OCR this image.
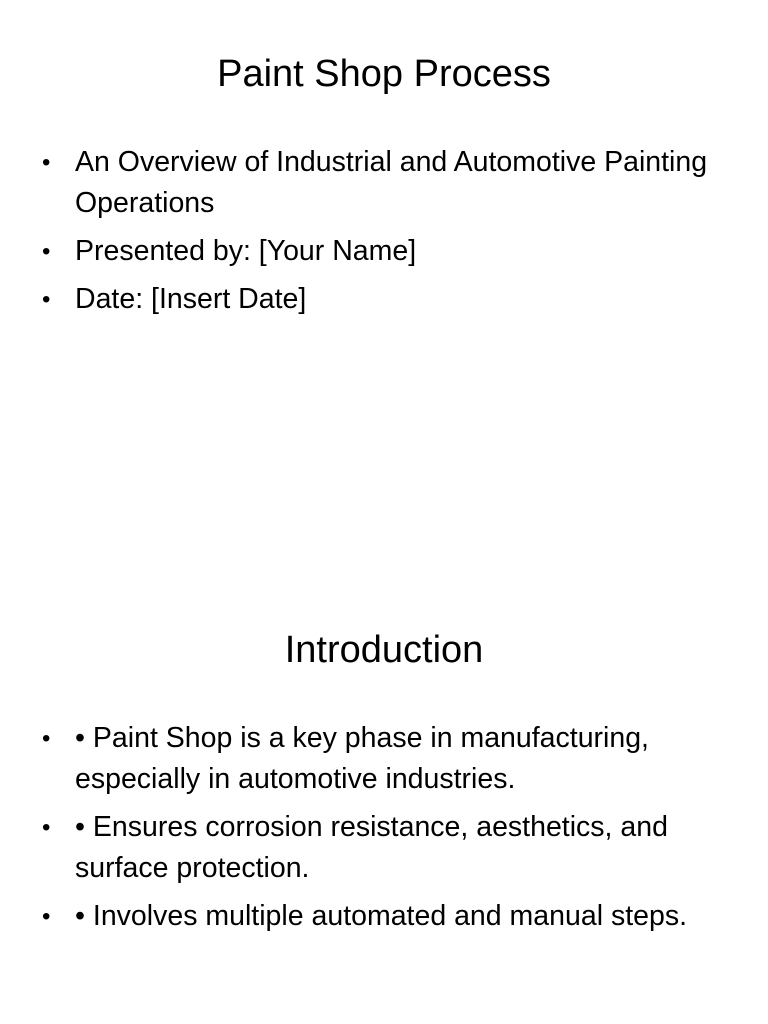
Paint Shop Process
• An Overview of Industrial and Automotive Painting Operations
• Presented by: [Your Name]
• Date: [Insert Date]
Introduction
• • Paint Shop is a key phase in manufacturing, especially in automotive industries.
• • Ensures corrosion resistance, aesthetics, and surface protection.
• • Involves multiple automated and manual steps.
